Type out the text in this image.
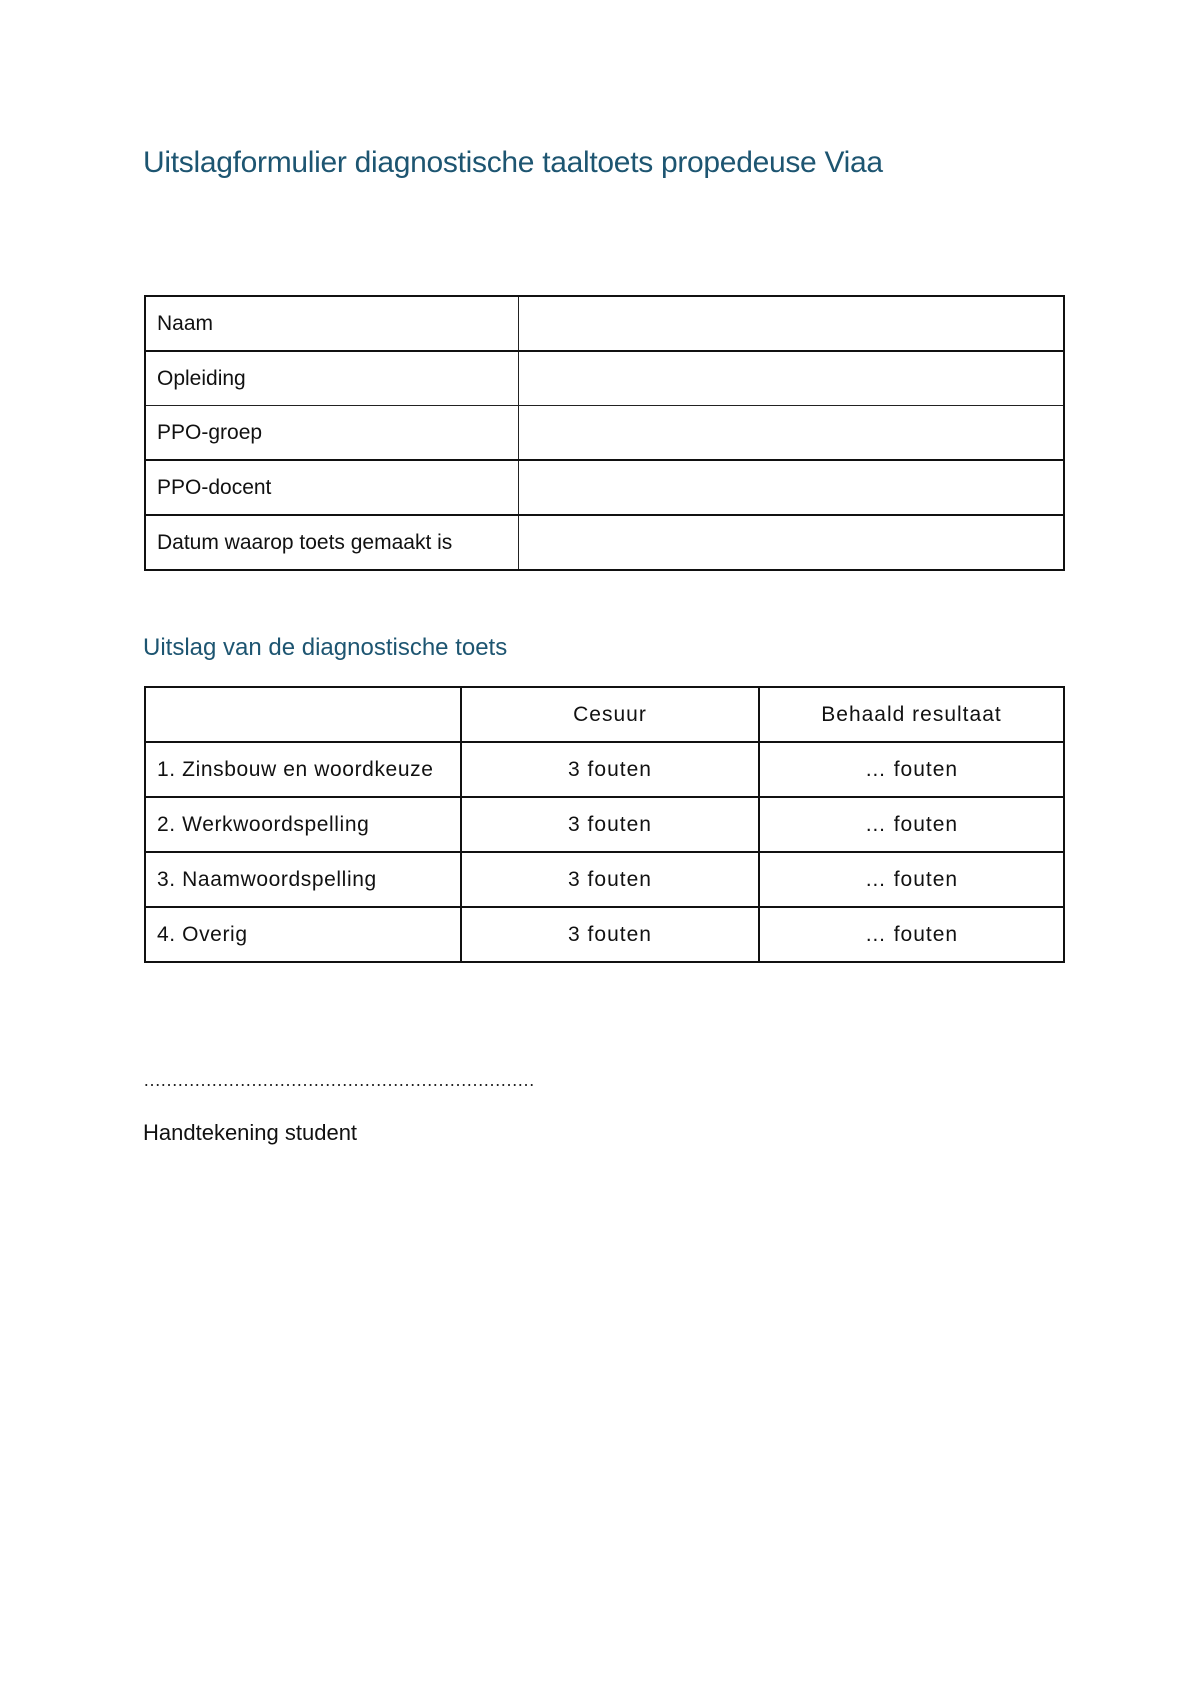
Uitslagformulier diagnostische taaltoets propedeuse Viaa
Naam	
Opleiding	
PPO-groep	
PPO-docent	
Datum waarop toets gemaakt is	
Uitslag van de diagnostische toets
	Cesuur	Behaald resultaat
1. Zinsbouw en woordkeuze	3 fouten	… fouten
2. Werkwoordspelling	3 fouten	… fouten
3. Naamwoordspelling	3 fouten	… fouten
4. Overig	3 fouten	… fouten
……………………………………………………………
Handtekening student
